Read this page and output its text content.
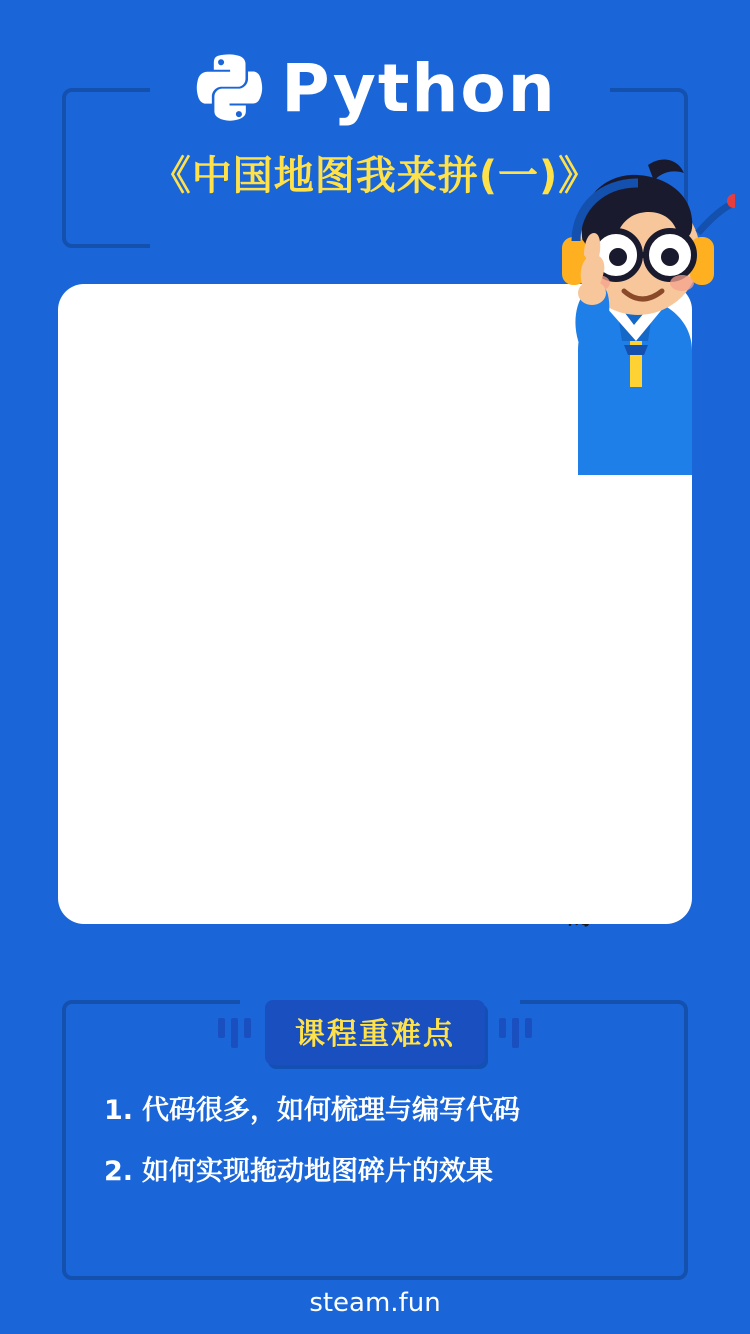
Python
《中国地图我来拼(一)》
课程重难点
1. 代码很多，如何梳理与编写代码
2. 如何实现拖动地图碎片的效果
steam.fun
